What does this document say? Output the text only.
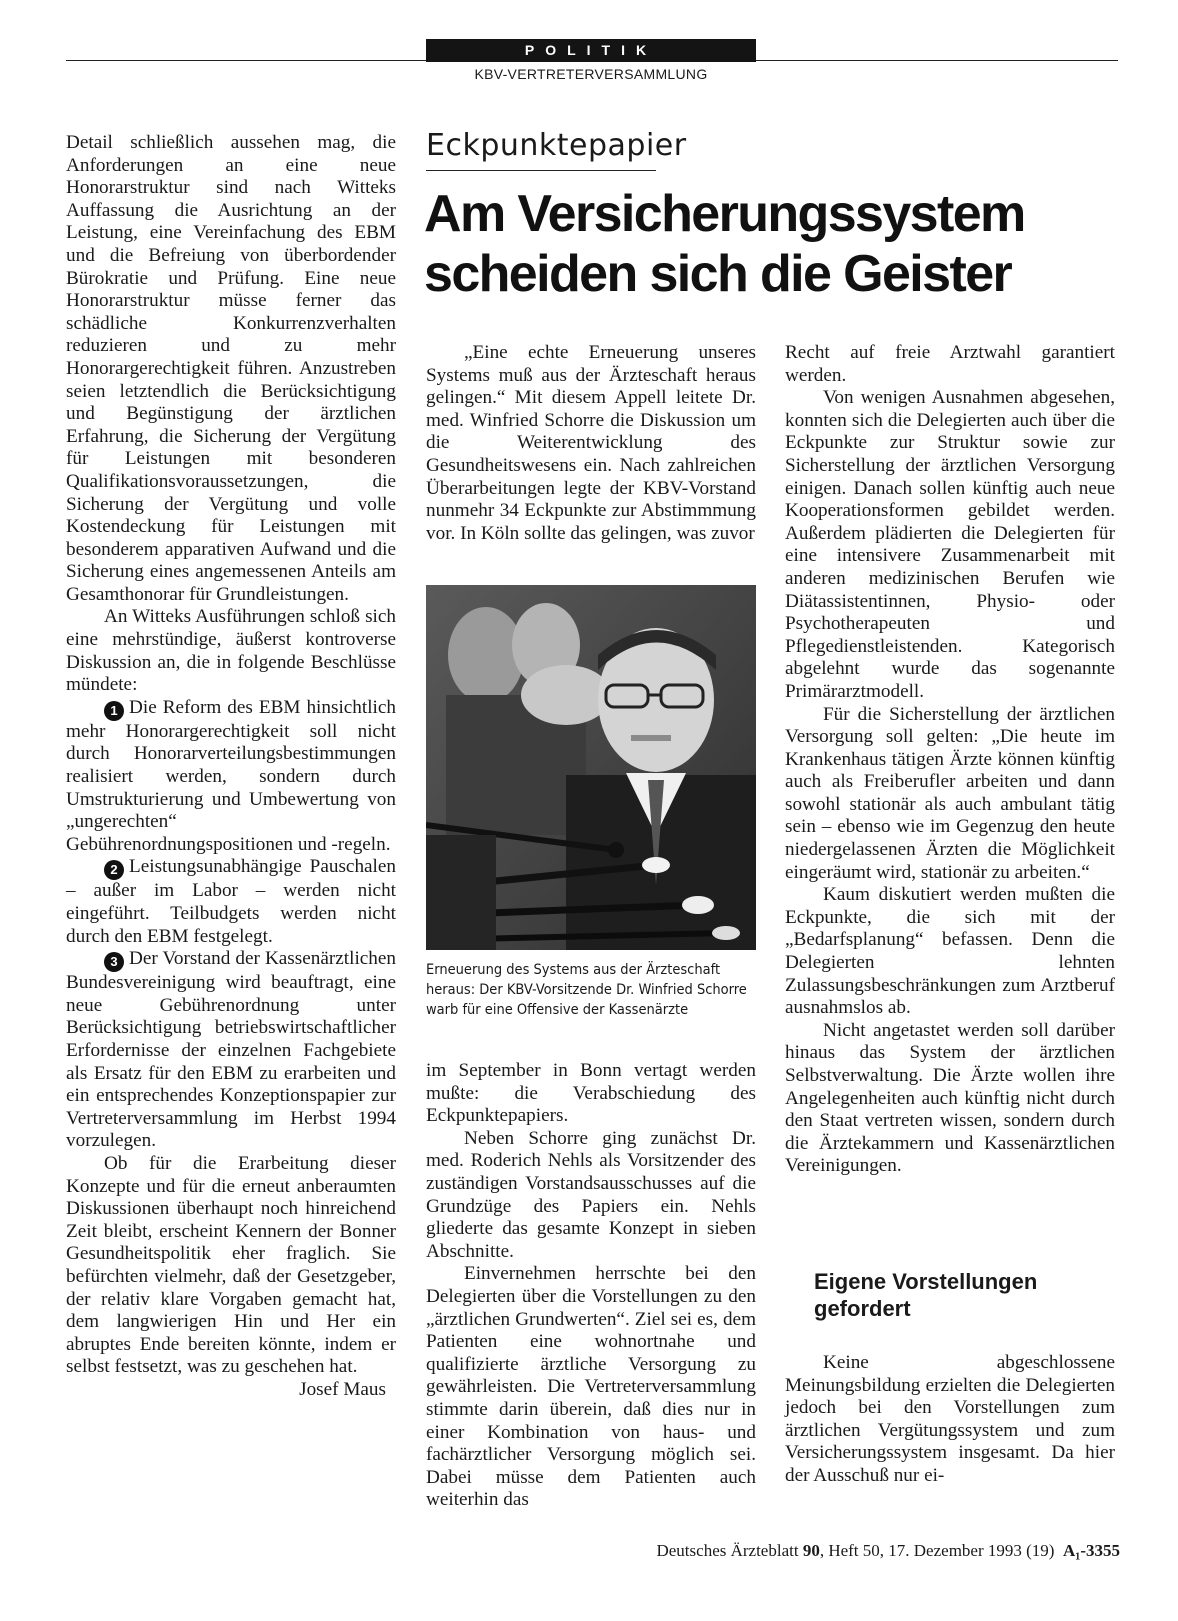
POLITIK
KBV-VERTRETERVERSAMMLUNG

Detail schließlich aussehen mag, die Anforderungen an eine neue Honorarstruktur sind nach Witteks Auffassung die Ausrichtung an der Leistung, eine Vereinfachung des EBM und die Befreiung von überbordender Bürokratie und Prüfung. Eine neue Honorarstruktur müsse ferner das schädliche Konkurrenzverhalten reduzieren und zu mehr Honorargerechtigkeit führen. Anzustreben seien letztendlich die Berücksichtigung und Begünstigung der ärztlichen Erfahrung, die Sicherung der Vergütung für Leistungen mit besonderen Qualifikationsvoraussetzungen, die Sicherung der Vergütung und volle Kostendeckung für Leistungen mit besonderem apparativen Aufwand und die Sicherung eines angemessenen Anteils am Gesamthonorar für Grundleistungen.

An Witteks Ausführungen schloß sich eine mehrstündige, äußerst kontroverse Diskussion an, die in folgende Beschlüsse mündete:

1 Die Reform des EBM hinsichtlich mehr Honorargerechtigkeit soll nicht durch Honorarverteilungsbestimmungen realisiert werden, sondern durch Umstrukturierung und Umbewertung von „ungerechten“ Gebührenordnungspositionen und -regeln.

2 Leistungsunabhängige Pauschalen – außer im Labor – werden nicht eingeführt. Teilbudgets werden nicht durch den EBM festgelegt.

3 Der Vorstand der Kassenärztlichen Bundesvereinigung wird beauftragt, eine neue Gebührenordnung unter Berücksichtigung betriebswirtschaftlicher Erfordernisse der einzelnen Fachgebiete als Ersatz für den EBM zu erarbeiten und ein entsprechendes Konzeptionspapier zur Vertreterversammlung im Herbst 1994 vorzulegen.

Ob für die Erarbeitung dieser Konzepte und für die erneut anberaumten Diskussionen überhaupt noch hinreichend Zeit bleibt, erscheint Kennern der Bonner Gesundheitspolitik eher fraglich. Sie befürchten vielmehr, daß der Gesetzgeber, der relativ klare Vorgaben gemacht hat, dem langwierigen Hin und Her ein abruptes Ende bereiten könnte, indem er selbst festsetzt, was zu geschehen hat.
Josef Maus

Eckpunktepapier
Am Versicherungssystem
scheiden sich die Geister

„Eine echte Erneuerung unseres Systems muß aus der Ärzteschaft heraus gelingen.“ Mit diesem Appell leitete Dr. med. Winfried Schorre die Diskussion um die Weiterentwicklung des Gesundheitswesens ein. Nach zahlreichen Überarbeitungen legte der KBV-Vorstand nunmehr 34 Eckpunkte zur Abstimmmung vor. In Köln sollte das gelingen, was zuvor

Erneuerung des Systems aus der Ärzteschaft heraus: Der KBV-Vorsitzende Dr. Winfried Schorre warb für eine Offensive der Kassenärzte

im September in Bonn vertagt werden mußte: die Verabschiedung des Eckpunktepapiers.

Neben Schorre ging zunächst Dr. med. Roderich Nehls als Vorsitzender des zuständigen Vorstandsausschusses auf die Grundzüge des Papiers ein. Nehls gliederte das gesamte Konzept in sieben Abschnitte.

Einvernehmen herrschte bei den Delegierten über die Vorstellungen zu den „ärztlichen Grundwerten“. Ziel sei es, dem Patienten eine wohnortnahe und qualifizierte ärztliche Versorgung zu gewährleisten. Die Vertreterversammlung stimmte darin überein, daß dies nur in einer Kombination von haus- und fachärztlicher Versorgung möglich sei. Dabei müsse dem Patienten auch weiterhin das

Recht auf freie Arztwahl garantiert werden.

Von wenigen Ausnahmen abgesehen, konnten sich die Delegierten auch über die Eckpunkte zur Struktur sowie zur Sicherstellung der ärztlichen Versorgung einigen. Danach sollen künftig auch neue Kooperationsformen gebildet werden. Außerdem plädierten die Delegierten für eine intensivere Zusammenarbeit mit anderen medizinischen Berufen wie Diätassistentinnen, Physio- oder Psychotherapeuten und Pflegedienstleistenden. Kategorisch abgelehnt wurde das sogenannte Primärarztmodell.

Für die Sicherstellung der ärztlichen Versorgung soll gelten: „Die heute im Krankenhaus tätigen Ärzte können künftig auch als Freiberufler arbeiten und dann sowohl stationär als auch ambulant tätig sein – ebenso wie im Gegenzug den heute niedergelassenen Ärzten die Möglichkeit eingeräumt wird, stationär zu arbeiten.“

Kaum diskutiert werden mußten die Eckpunkte, die sich mit der „Bedarfsplanung“ befassen. Denn die Delegierten lehnten Zulassungsbeschränkungen zum Arztberuf ausnahmslos ab.

Nicht angetastet werden soll darüber hinaus das System der ärztlichen Selbstverwaltung. Die Ärzte wollen ihre Angelegenheiten auch künftig nicht durch den Staat vertreten wissen, sondern durch die Ärztekammern und Kassenärztlichen Vereinigungen.

Eigene Vorstellungen gefordert

Keine abgeschlossene Meinungsbildung erzielten die Delegierten jedoch bei den Vorstellungen zum ärztlichen Vergütungssystem und zum Versicherungssystem insgesamt. Da hier der Ausschuß nur ei-

Deutsches Ärzteblatt 90, Heft 50, 17. Dezember 1993 (19) A₁-3355
